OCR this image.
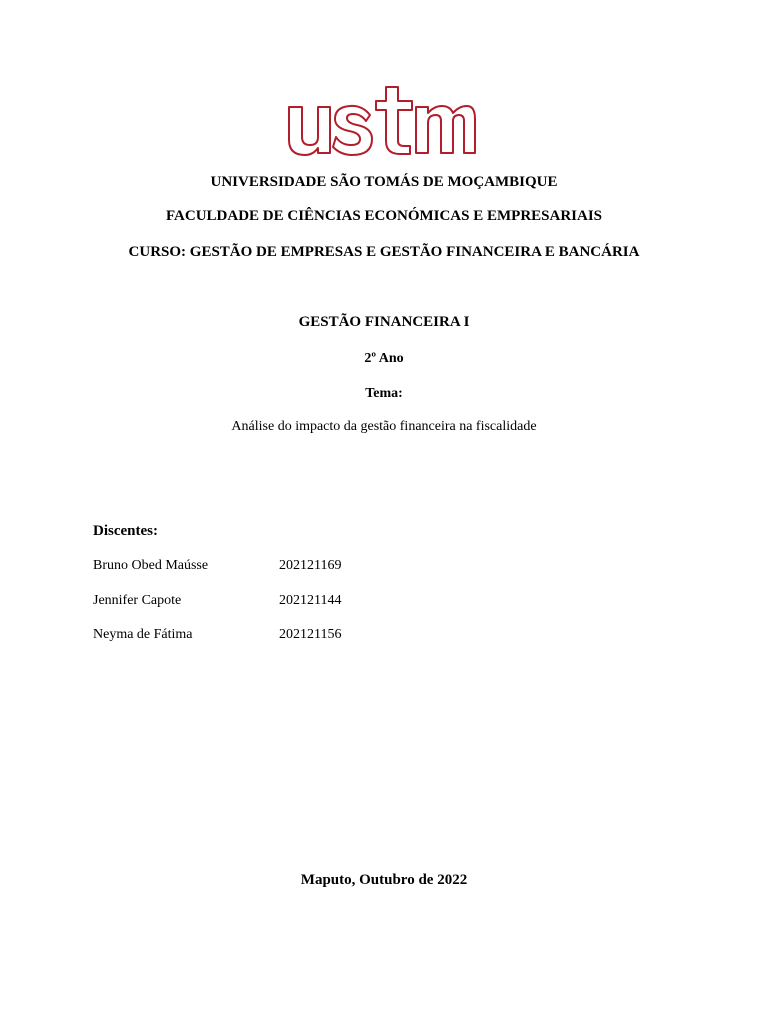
UNIVERSIDADE SÃO TOMÁS DE MOÇAMBIQUE
FACULDADE DE CIÊNCIAS ECONÓMICAS E EMPRESARIAIS
CURSO: GESTÃO DE EMPRESAS E GESTÃO FINANCEIRA E BANCÁRIA
GESTÃO FINANCEIRA I
2º Ano
Tema:
Análise do impacto da gestão financeira na fiscalidade
Discentes:
Bruno Obed Maússe	202121169
Jennifer Capote	202121144
Neyma de Fátima	202121156
Maputo, Outubro de 2022
